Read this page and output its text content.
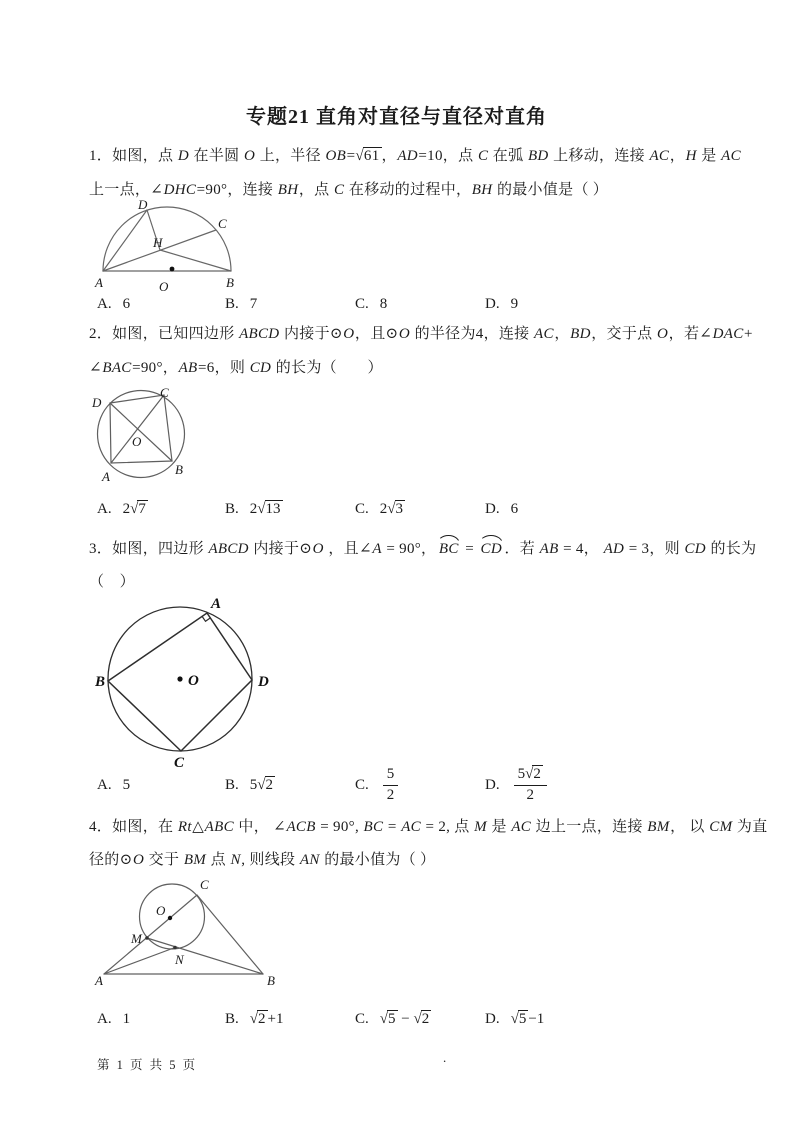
专题21 直角对直径与直径对直角
1．如图，点 D 在半圆 O 上，半径 OB=√61 ，AD=10，点 C 在弧 BD 上移动，连接 AC，H 是 AC
上一点，∠DHC=90°，连接 BH，点 C 在移动的过程中，BH 的最小值是（ ）
A	B
C
D
H
O
A. 6	B. 7	C. 8	D. 9
2．如图，已知四边形 ABCD 内接于⊙O，且⊙O 的半径为4，连接 AC，BD，交于点 O，若∠DAC+
∠BAC=90°，AB=6，则 CD 的长为（　　）
A	B
C
D
O
A. 2√7	B. 2√13	C. 2√3	D. 6
3．如图，四边形 ABCD 内接于⊙O ，且∠A = 90°， BC = CD ．若 AB = 4， AD = 3，则 CD 的长为
（　）
A
B
C
D
O
A. 5	B. 5√2	C. $\frac{5}{2}$	D. $\frac{5√2}{2}$
4．如图，在 Rt△ABC 中， ∠ACB = 90°, BC = AC = 2, 点 M 是 AC 边上一点，连接 BM， 以 CM 为直
径的⊙O 交于 BM 点 N, 则线段 AN 的最小值为（ ）
A	B
C
M
N
O
A. 1	B. √2 +1	C. √5 − √2	D. √5 −1
第 1 页 共 5 页	.
